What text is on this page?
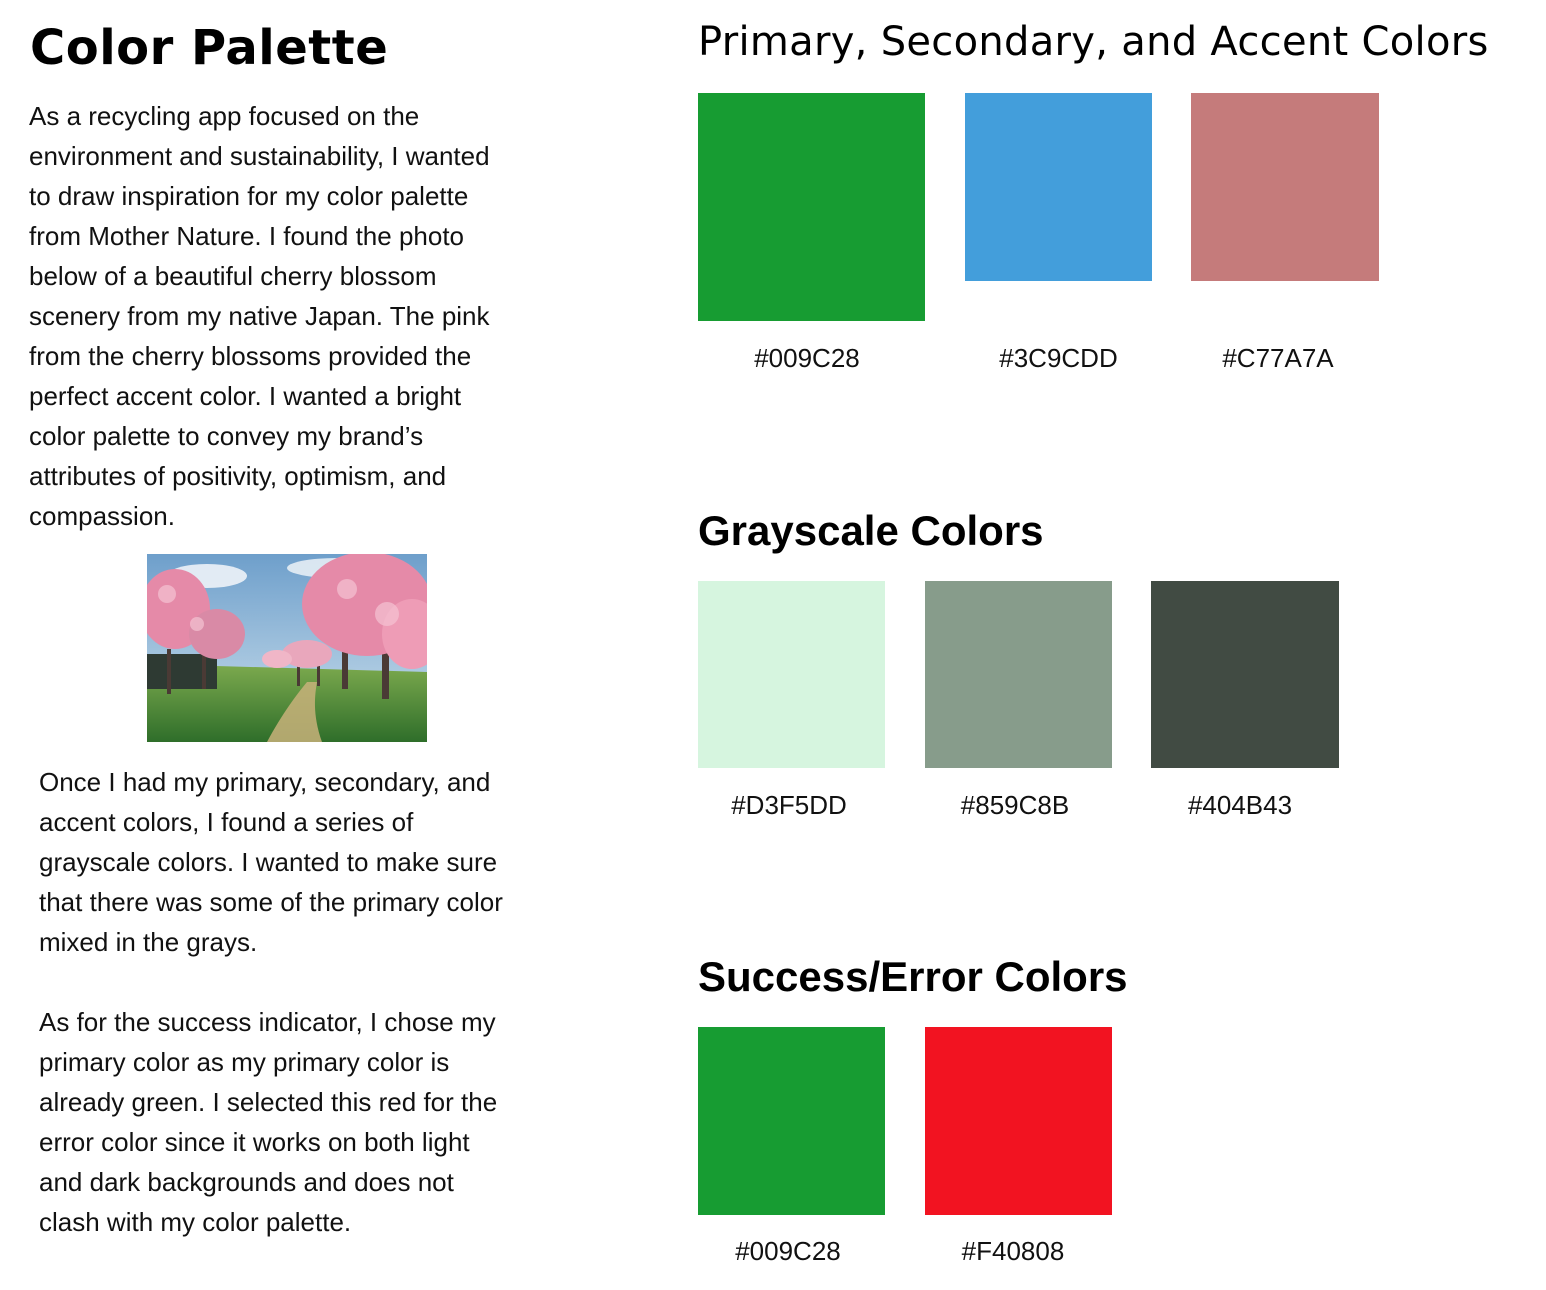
Color Palette

As a recycling app focused on the
environment and sustainability, I wanted
to draw inspiration for my color palette
from Mother Nature. I found the photo
below of a beautiful cherry blossom
scenery from my native Japan. The pink
from the cherry blossoms provided the
perfect accent color. I wanted a bright
color palette to convey my brand’s
attributes of positivity, optimism, and
compassion.

Once I had my primary, secondary, and
accent colors, I found a series of
grayscale colors. I wanted to make sure
that there was some of the primary color
mixed in the grays.

As for the success indicator, I chose my
primary color as my primary color is
already green. I selected this red for the
error color since it works on both light
and dark backgrounds and does not
clash with my color palette.

Primary, Secondary, and Accent Colors
#009C28	#3C9CDD	#C77A7A
Grayscale Colors
#D3F5DD	#859C8B	#404B43
Success/Error Colors
#009C28	#F40808
